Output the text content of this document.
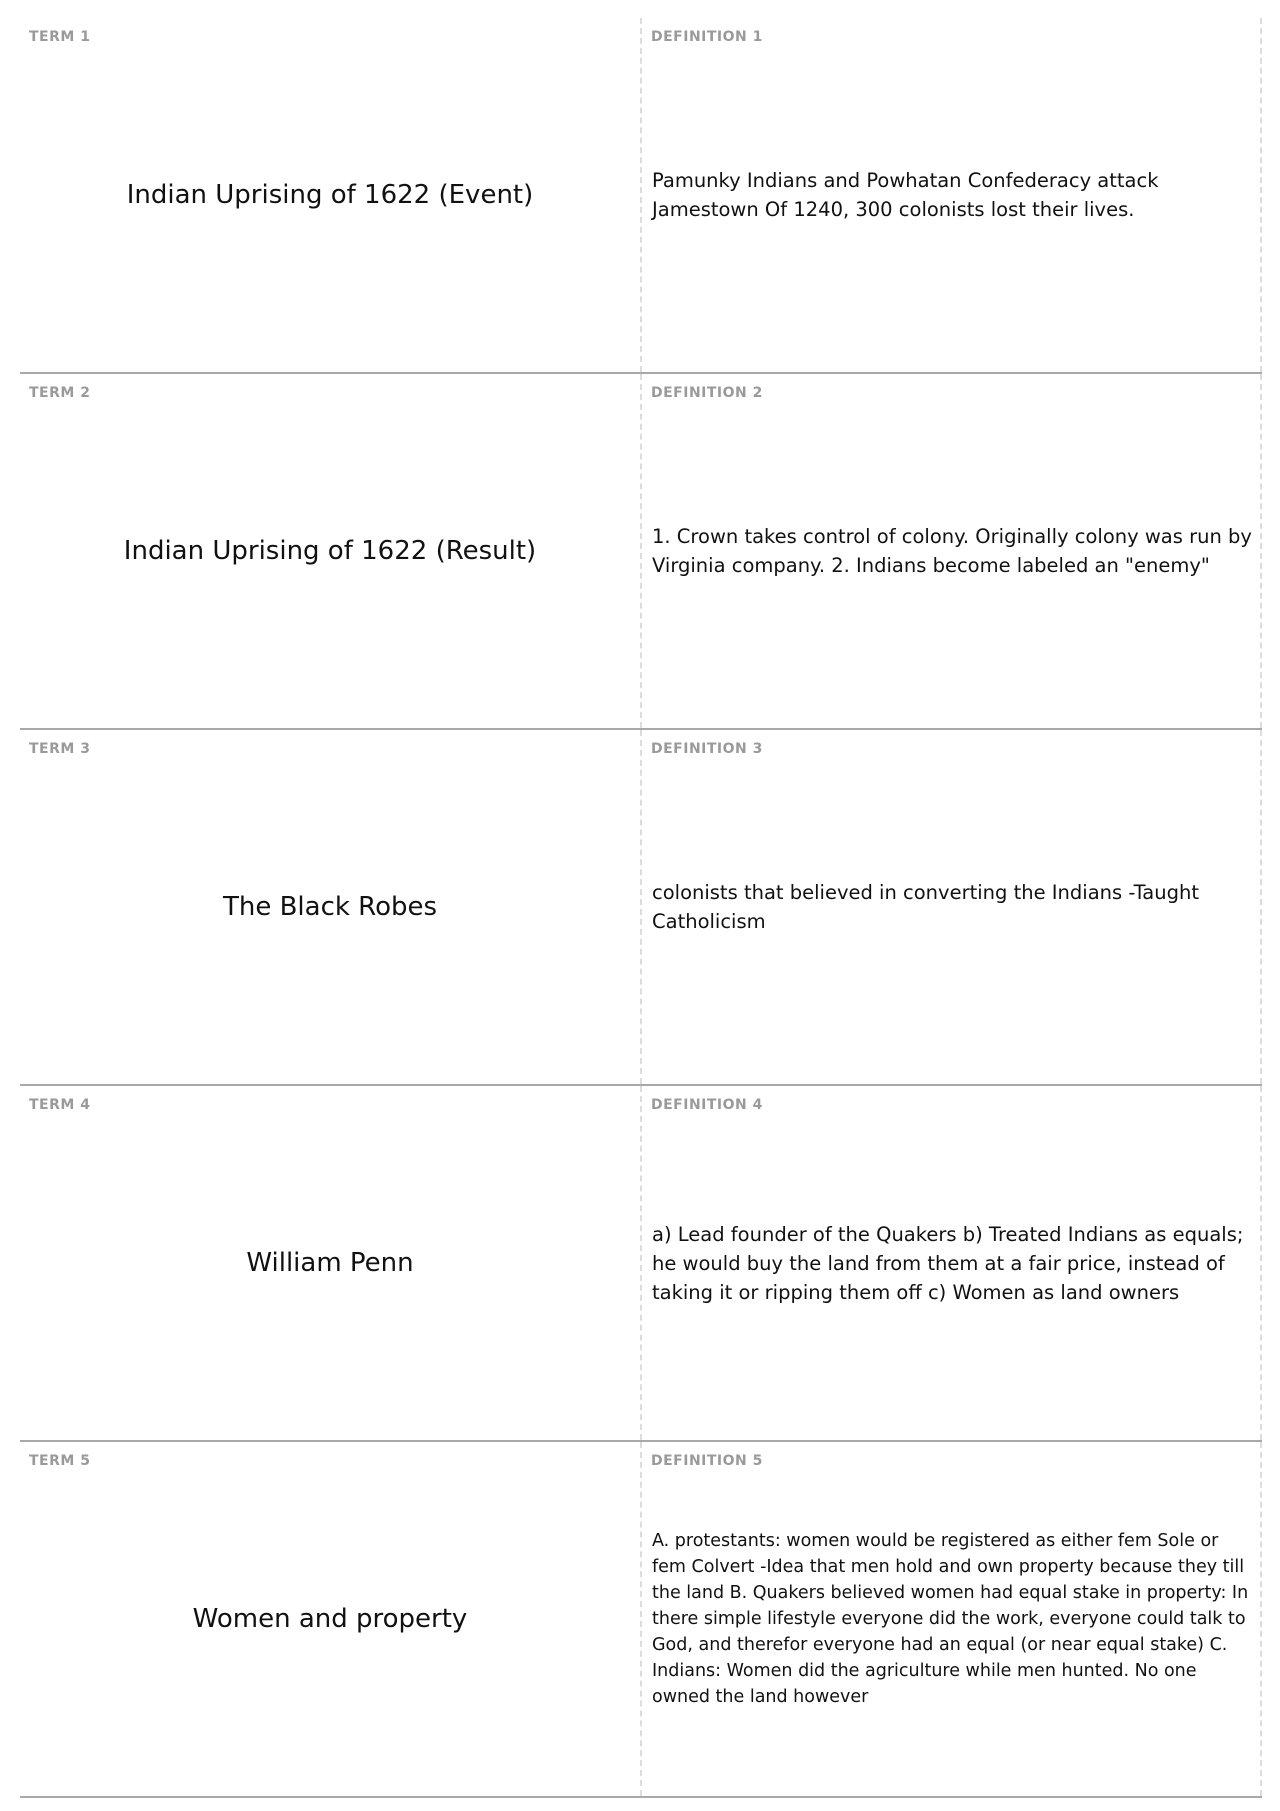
TERM 1
Indian Uprising of 1622 (Event)
DEFINITION 1
Pamunky Indians and Powhatan Confederacy attack Jamestown Of 1240, 300 colonists lost their lives.
TERM 2
Indian Uprising of 1622 (Result)
DEFINITION 2
1. Crown takes control of colony. Originally colony was run by Virginia company. 2. Indians become labeled an "enemy"
TERM 3
The Black Robes
DEFINITION 3
colonists that believed in converting the Indians -Taught Catholicism
TERM 4
William Penn
DEFINITION 4
a) Lead founder of the Quakers b) Treated Indians as equals; he would buy the land from them at a fair price, instead of taking it or ripping them off c) Women as land owners
TERM 5
Women and property
DEFINITION 5
A. protestants: women would be registered as either fem Sole or fem Colvert -Idea that men hold and own property because they till the land B. Quakers believed women had equal stake in property: In there simple lifestyle everyone did the work, everyone could talk to God, and therefor everyone had an equal (or near equal stake) C. Indians: Women did the agriculture while men hunted. No one owned the land however
